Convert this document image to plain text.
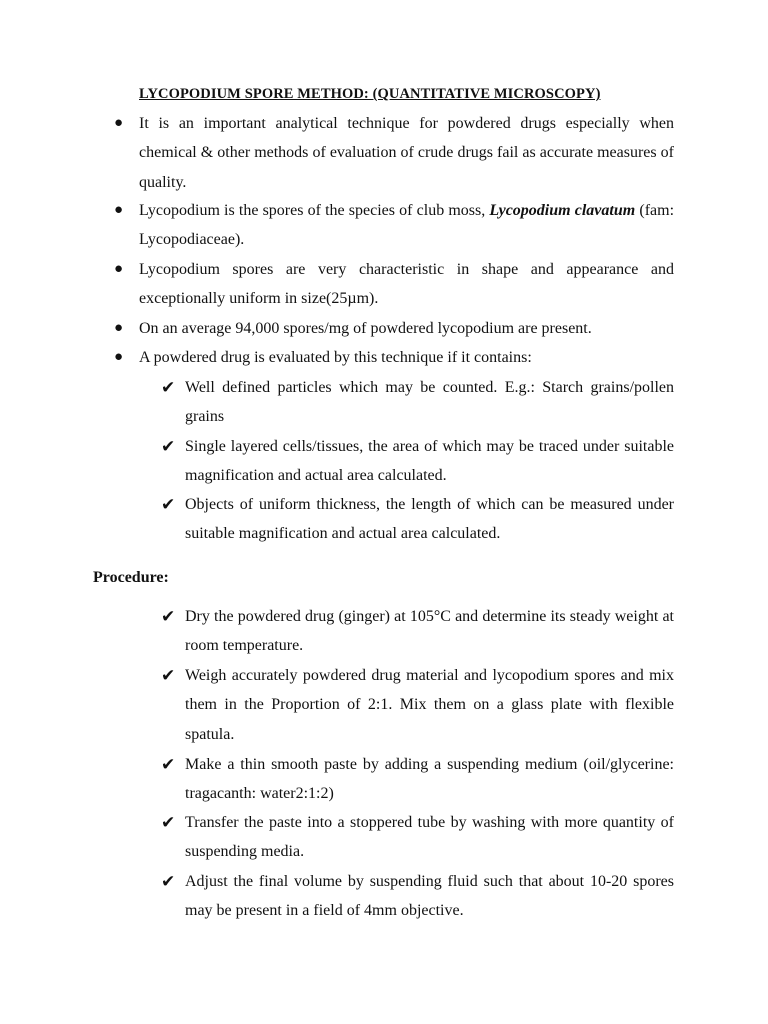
LYCOPODIUM SPORE METHOD: (QUANTITATIVE MICROSCOPY)
● It is an important analytical technique for powdered drugs especially when chemical & other methods of evaluation of crude drugs fail as accurate measures of quality.
● Lycopodium is the spores of the species of club moss, Lycopodium clavatum (fam: Lycopodiaceae).
● Lycopodium spores are very characteristic in shape and appearance and exceptionally uniform in size(25µm).
● On an average 94,000 spores/mg of powdered lycopodium are present.
● A powdered drug is evaluated by this technique if it contains:
✔ Well defined particles which may be counted. E.g.: Starch grains/pollen grains
✔ Single layered cells/tissues, the area of which may be traced under suitable magnification and actual area calculated.
✔ Objects of uniform thickness, the length of which can be measured under suitable magnification and actual area calculated.
Procedure:
✔ Dry the powdered drug (ginger) at 105°C and determine its steady weight at room temperature.
✔ Weigh accurately powdered drug material and lycopodium spores and mix them in the Proportion of 2:1. Mix them on a glass plate with flexible spatula.
✔ Make a thin smooth paste by adding a suspending medium (oil/glycerine: tragacanth: water2:1:2)
✔ Transfer the paste into a stoppered tube by washing with more quantity of suspending media.
✔ Adjust the final volume by suspending fluid such that about 10-20 spores may be present in a field of 4mm objective.
